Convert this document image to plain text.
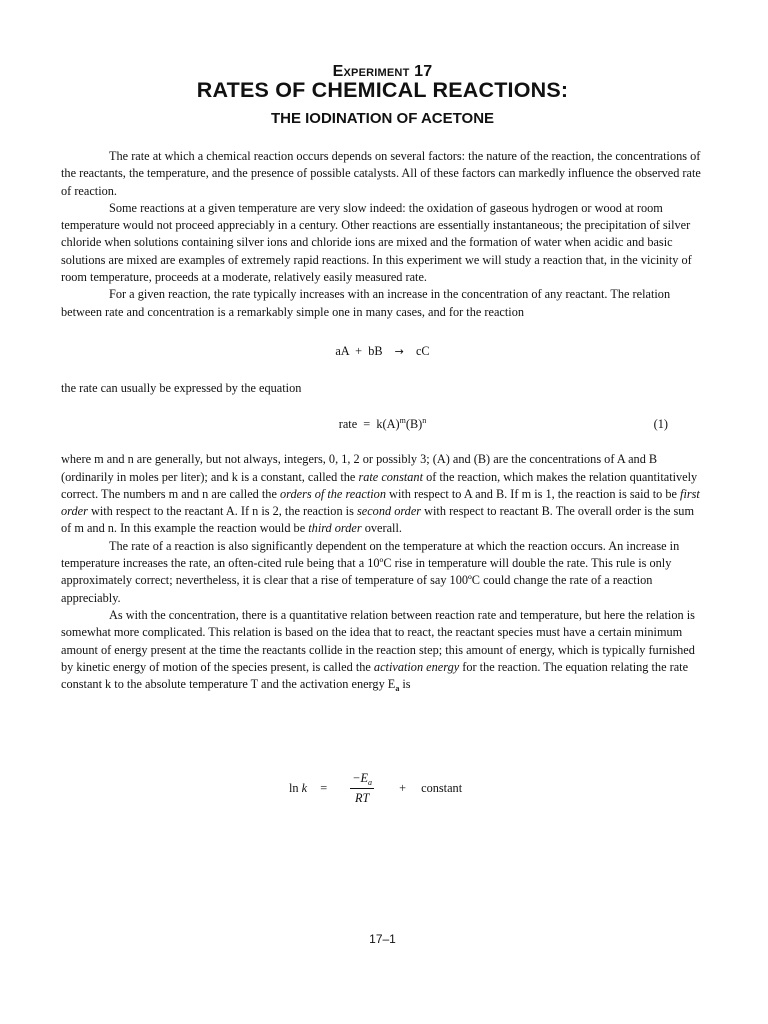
Experiment 17
RATES OF CHEMICAL REACTIONS:
THE IODINATION OF ACETONE

The rate at which a chemical reaction occurs depends on several factors: the nature of the reaction, the concentrations of the reactants, the temperature, and the presence of possible catalysts. All of these factors can markedly influence the observed rate of reaction.

Some reactions at a given temperature are very slow indeed: the oxidation of gaseous hydrogen or wood at room temperature would not proceed appreciably in a century. Other reactions are essentially instantaneous; the precipitation of silver chloride when solutions containing silver ions and chloride ions are mixed and the formation of water when acidic and basic solutions are mixed are examples of extremely rapid reactions. In this experiment we will study a reaction that, in the vicinity of room temperature, proceeds at a moderate, relatively easily measured rate.

For a given reaction, the rate typically increases with an increase in the concentration of any reactant. The relation between rate and concentration is a remarkably simple one in many cases, and for the reaction

aA  +  bB → cC

the rate can usually be expressed by the equation

rate  =  $k(A)^m(B)^n$	(1)

where m and n are generally, but not always, integers, 0, 1, 2 or possibly 3; (A) and (B) are the concentrations of A and B (ordinarily in moles per liter); and k is a constant, called the rate constant of the reaction, which makes the relation quantitatively correct. The numbers m and n are called the orders of the reaction with respect to A and B. If m is 1, the reaction is said to be first order with respect to the reactant A. If n is 2, the reaction is second order with respect to reactant B. The overall order is the sum of m and n. In this example the reaction would be third order overall.

The rate of a reaction is also significantly dependent on the temperature at which the reaction occurs. An increase in temperature increases the rate, an often-cited rule being that a 10ºC rise in temperature will double the rate. This rule is only approximately correct; nevertheless, it is clear that a rise of temperature of say 100ºC could change the rate of a reaction appreciably.

As with the concentration, there is a quantitative relation between reaction rate and temperature, but here the relation is somewhat more complicated. This relation is based on the idea that to react, the reactant species must have a certain minimum amount of energy present at the time the reactants collide in the reaction step; this amount of energy, which is typically furnished by kinetic energy of motion of the species present, is called the activation energy for the reaction. The equation relating the rate constant k to the absolute temperature T and the activation energy $E_a$ is

$\ln k = \frac{-E_a}{RT}$ + constant
17–1
